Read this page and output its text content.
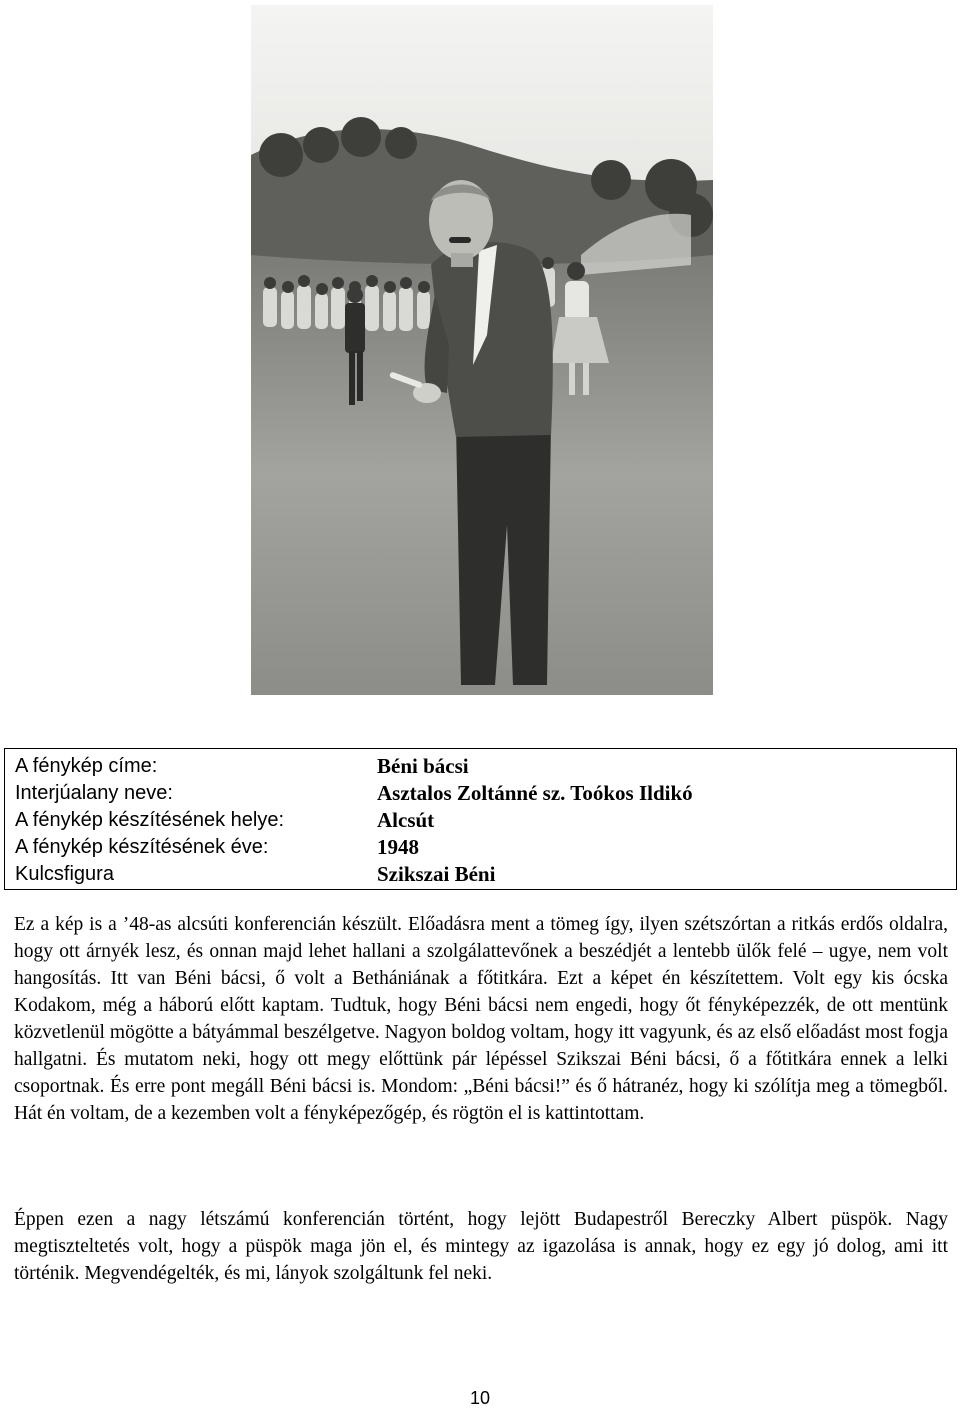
A fénykép címe:	Béni bácsi
Interjúalany neve:	Asztalos Zoltánné sz. Toókos Ildikó
A fénykép készítésének helye:	Alcsút
A fénykép készítésének éve:	1948
Kulcsfigura	Szikszai Béni

Ez a kép is a ’48-as alcsúti konferencián készült. Előadásra ment a tömeg így, ilyen szétszórtan a ritkás erdős oldalra, hogy ott árnyék lesz, és onnan majd lehet hallani a szolgálattevőnek a beszédjét a lentebb ülők felé – ugye, nem volt hangosítás. Itt van Béni bácsi, ő volt a Bethániának a főtitkára. Ezt a képet én készítettem. Volt egy kis ócska Kodakom, még a háború előtt kaptam. Tudtuk, hogy Béni bácsi nem engedi, hogy őt fényképezzék, de ott mentünk közvetlenül mögötte a bátyámmal beszélgetve. Nagyon boldog voltam, hogy itt vagyunk, és az első előadást most fogja hallgatni. És mutatom neki, hogy ott megy előttünk pár lépéssel Szikszai Béni bácsi, ő a főtitkára ennek a lelki csoportnak. És erre pont megáll Béni bácsi is. Mondom: „Béni bácsi!” és ő hátranéz, hogy ki szólítja meg a tömegből. Hát én voltam, de a kezemben volt a fényképezőgép, és rögtön el is kattintottam.

Éppen ezen a nagy létszámú konferencián történt, hogy lejött Budapestről Bereczky Albert püspök. Nagy megtiszteltetés volt, hogy a püspök maga jön el, és mintegy az igazolása is annak, hogy ez egy jó dolog, ami itt történik. Megvendégelték, és mi, lányok szolgáltunk fel neki.

10
